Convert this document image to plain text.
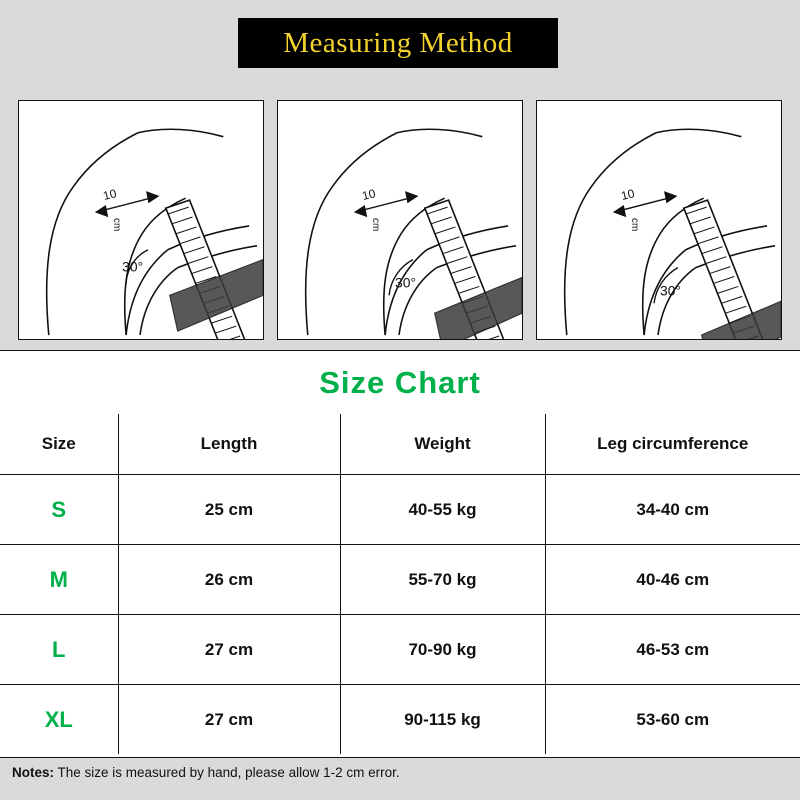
Measuring Method
10
cm
30°
10
cm
30°
10
cm
30°
Size Chart
Size	Length	Weight	Leg circumference
S	25 cm	40-55 kg	34-40 cm
M	26 cm	55-70 kg	40-46 cm
L	27 cm	70-90 kg	46-53 cm
XL	27 cm	90-115 kg	53-60 cm
Notes: The size is measured by hand, please allow 1-2 cm error.
